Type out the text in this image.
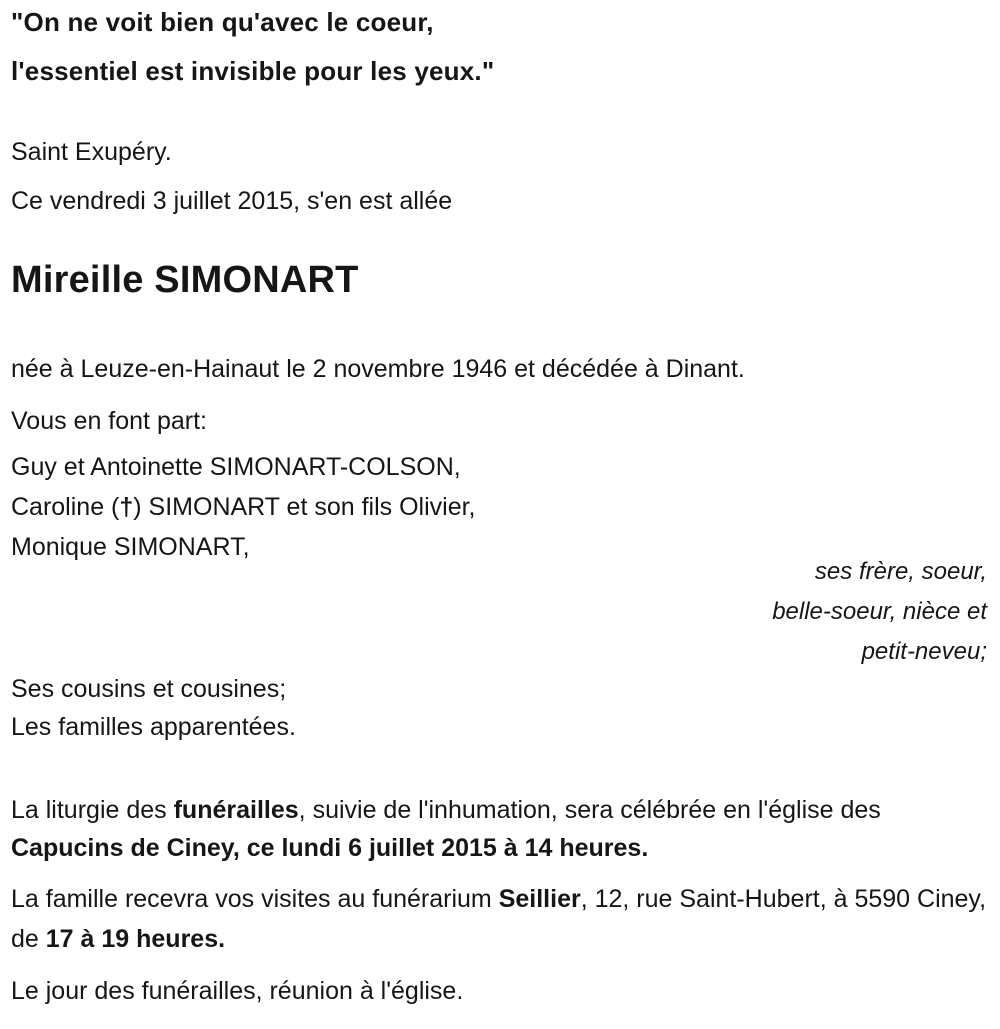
"On ne voit bien qu'avec le coeur,

l'essentiel est invisible pour les yeux."

Saint Exupéry.

Ce vendredi 3 juillet 2015, s'en est allée

Mireille SIMONART

née à Leuze-en-Hainaut le 2 novembre 1946 et décédée à Dinant.

Vous en font part:

Guy et Antoinette SIMONART-COLSON,

Caroline (†) SIMONART et son fils Olivier,

Monique SIMONART,

ses frère, soeur,

belle-soeur, nièce et

petit-neveu;

Ses cousins et cousines;

Les familles apparentées.

La liturgie des funérailles, suivie de l'inhumation, sera célébrée en l'église des Capucins de Ciney, ce lundi 6 juillet 2015 à 14 heures.

La famille recevra vos visites au funérarium Seillier, 12, rue Saint-Hubert, à 5590 Ciney, de 17 à 19 heures.

Le jour des funérailles, réunion à l'église.
